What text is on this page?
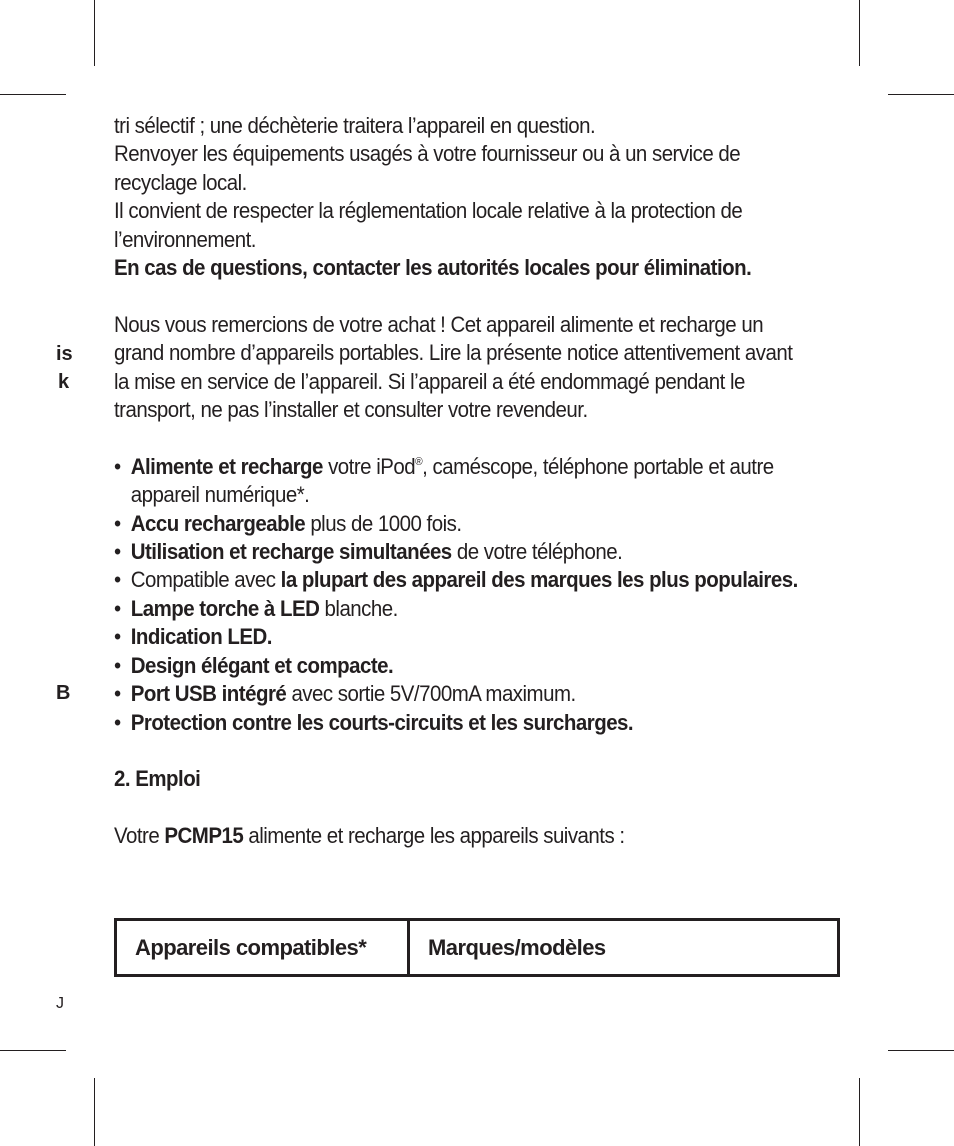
is
k
B
J

tri sélectif ; une déchèterie traitera l’appareil en question.

Renvoyer les équipements usagés à votre fournisseur ou à un service de recyclage local.

Il convient de respecter la réglementation locale relative à la protection de l’environnement.

En cas de questions, contacter les autorités locales pour élimination.

Nous vous remercions de votre achat ! Cet appareil alimente et recharge un grand nombre d’appareils portables. Lire la présente notice attentivement avant la mise en service de l’appareil. Si l’appareil a été endommagé pendant le transport, ne pas l’installer et consulter votre revendeur.

• Alimente et recharge votre iPod®, caméscope, téléphone portable et autre appareil numérique*.
• Accu rechargeable plus de 1000 fois.
• Utilisation et recharge simultanées de votre téléphone.
• Compatible avec la plupart des appareil des marques les plus populaires.
• Lampe torche à LED blanche.
• Indication LED.
• Design élégant et compacte.
• Port USB intégré avec sortie 5V/700mA maximum.
• Protection contre les courts-circuits et les surcharges.

2. Emploi

Votre PCMP15 alimente et recharge les appareils suivants :

Appareils compatibles*	Marques/modèles
